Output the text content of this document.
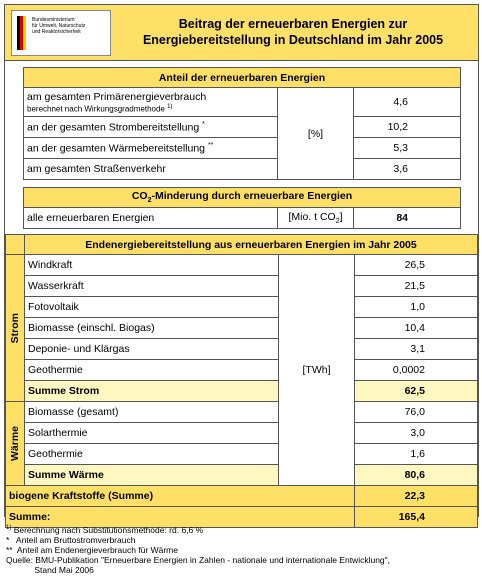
Bundesministerium
für Umwelt, Naturschutz
und Reaktorsicherheit
Beitrag der erneuerbaren Energien zur
Energiebereitstellung in Deutschland im Jahr 2005
Anteil der erneuerbaren Energien		
am gesamten Primärenergieverbrauch
berechnet nach Wirkungsgradmethode $^{1)}$	[%]	4,6
an der gesamten Strombereitstellung *		10,2
an der gesamten Wärmebereitstellung **		5,3
am gesamten Straßenverkehr		3,6
$CO_2$-Minderung durch erneuerbare Energien
alle erneuerbaren Energien	[Mio. t $CO_2$]	84
	Endenergiebereitstellung aus erneuerbaren Energien im Jahr 2005		

Strom	Windkraft	[TWh]	26,5
	Wasserkraft		21,5
	Fotovoltaik		1,0
	Biomasse (einschl. Biogas)		10,4
	Deponie- und Klärgas		3,1
	Geothermie		0,0002
	Summe Strom		62,5

Wärme	Biomasse (gesamt)		76,0
	Solarthermie		3,0
	Geothermie		1,6
	Summe Wärme		80,6
biogene Kraftstoffe (Summe)			22,3
Summe:			165,4
$^{1)}$ Berechnung nach Substitutionsmethode: rd. 6,6 %
*   Anteil am Bruttostromverbrauch
**  Anteil am Endenergieverbrauch für Wärme
Quelle: BMU-Publikation "Erneuerbare Energien in Zahlen - nationale und internationale Entwicklung",
Stand Mai 2006
